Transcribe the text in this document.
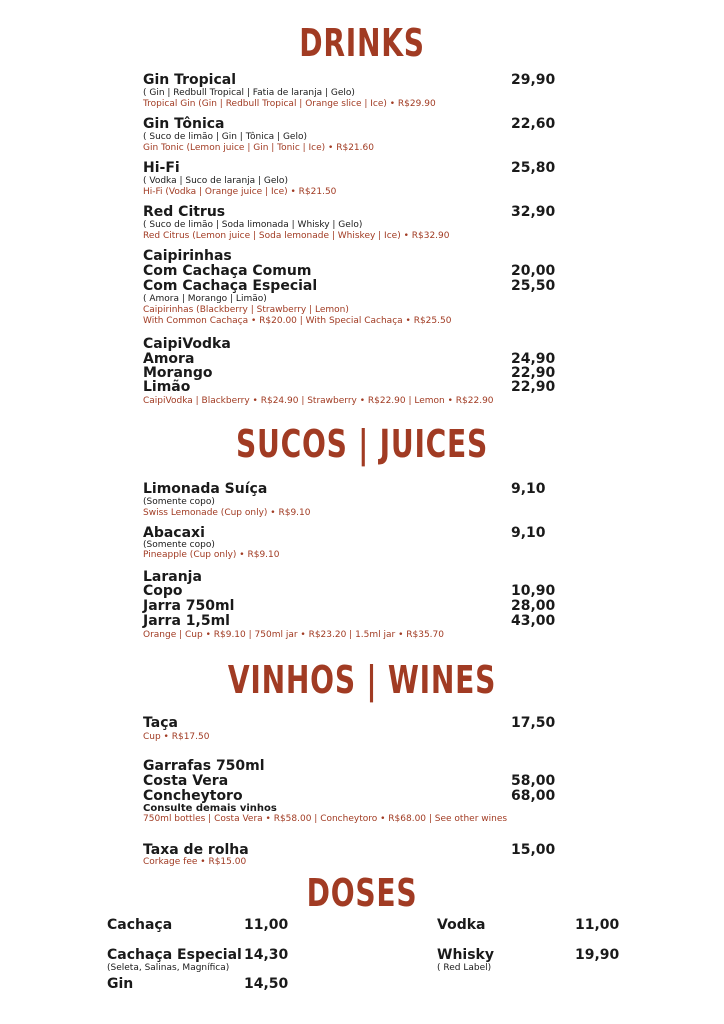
DRINKS
Gin Tropical	29,90
( Gin | Redbull Tropical | Fatia de laranja | Gelo)
Tropical Gin (Gin | Redbull Tropical | Orange slice | Ice) • R$29.90
Gin Tônica	22,60
( Suco de limão | Gin | Tônica | Gelo)
Gin Tonic (Lemon juice | Gin | Tonic | Ice) • R$21.60
Hi-Fi	25,80
( Vodka | Suco de laranja | Gelo)
Hi-Fi (Vodka | Orange juice | Ice) • R$21.50
Red Citrus	32,90
( Suco de limão | Soda limonada | Whisky | Gelo)
Red Citrus (Lemon juice | Soda lemonade | Whiskey | Ice) • R$32.90
Caipirinhas
Com Cachaça Comum	20,00
Com Cachaça Especial	25,50
( Amora | Morango | Limão)
Caipirinhas (Blackberry | Strawberry | Lemon)
With Common Cachaça • R$20.00 | With Special Cachaça • R$25.50
CaipiVodka
Amora	24,90
Morango	22,90
Limão	22,90
CaipiVodka | Blackberry • R$24.90 | Strawberry • R$22.90 | Lemon • R$22.90
SUCOS | JUICES
Limonada Suíça	9,10
(Somente copo)
Swiss Lemonade (Cup only) • R$9.10
Abacaxi	9,10
(Somente copo)
Pineapple (Cup only) • R$9.10
Laranja
Copo	10,90
Jarra 750ml	28,00
Jarra 1,5ml	43,00
Orange | Cup • R$9.10 | 750ml jar • R$23.20 | 1.5ml jar • R$35.70
VINHOS | WINES
Taça	17,50
Cup • R$17.50
Garrafas 750ml
Costa Vera	58,00
Concheytoro	68,00
Consulte demais vinhos
750ml bottles | Costa Vera • R$58.00 | Concheytoro • R$68.00 | See other wines
Taxa de rolha	15,00
Corkage fee • R$15.00
DOSES
Cachaça	11,00
Cachaça Especial 14,30
(Seleta, Salinas, Magnífica)
Gin	14,50
Vodka	11,00
Whisky	19,90
( Red Label)
